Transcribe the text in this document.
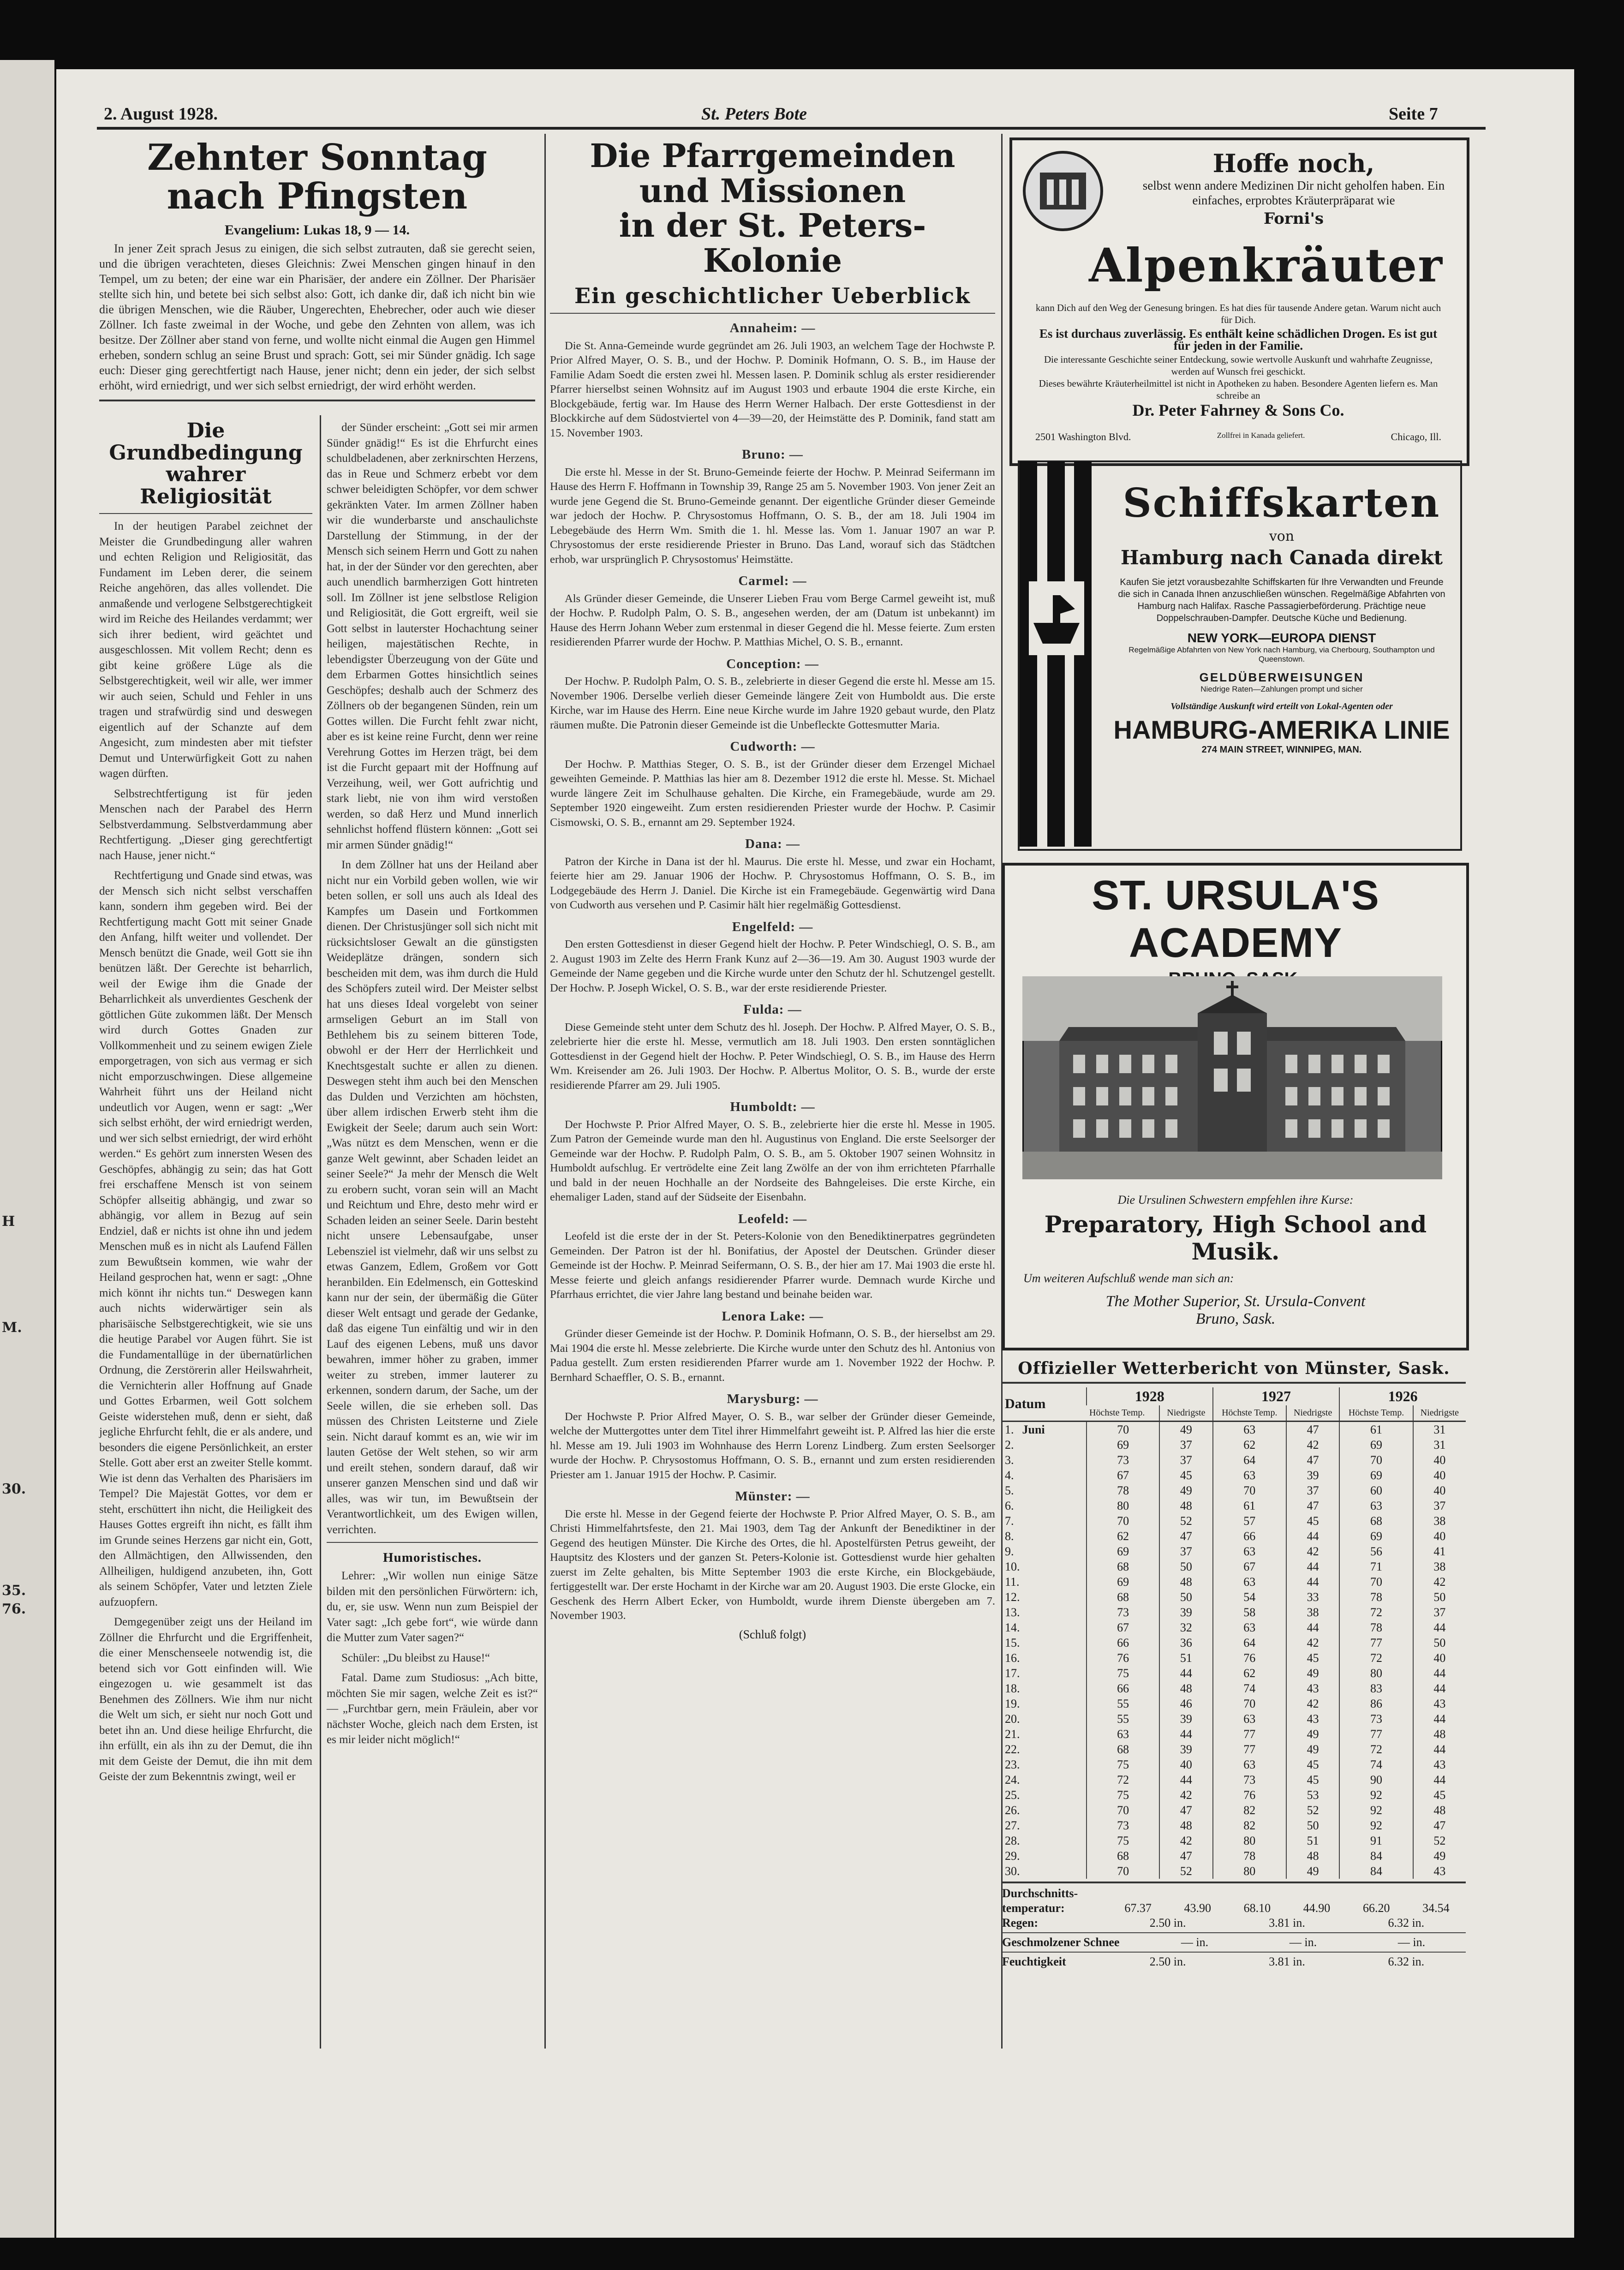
H
M.
30.
35.
76.
2. August 1928.	St. Peters Bote	Seite 7
Zehnter Sonntag nach Pfingsten
Evangelium: Lukas 18, 9 — 14.

In jener Zeit sprach Jesus zu einigen, die sich selbst zutrauten, daß sie gerecht seien, und die übrigen verachteten, dieses Gleichnis: Zwei Menschen gingen hinauf in den Tempel, um zu beten; der eine war ein Pharisäer, der andere ein Zöllner. Der Pharisäer stellte sich hin, und betete bei sich selbst also: Gott, ich danke dir, daß ich nicht bin wie die übrigen Menschen, wie die Räuber, Ungerechten, Ehebrecher, oder auch wie dieser Zöllner. Ich faste zweimal in der Woche, und gebe den Zehnten von allem, was ich besitze. Der Zöllner aber stand von ferne, und wollte nicht einmal die Augen gen Himmel erheben, sondern schlug an seine Brust und sprach: Gott, sei mir Sünder gnädig. Ich sage euch: Dieser ging gerechtfertigt nach Hause, jener nicht; denn ein jeder, der sich selbst erhöht, wird erniedrigt, und wer sich selbst erniedrigt, der wird erhöht werden.

Die Grundbedingung
wahrer Religiosität

In der heutigen Parabel zeichnet der Meister die Grundbedingung aller wahren und echten Religion und Religiosität, das Fundament im Leben derer, die seinem Reiche angehören, das alles vollendet. Die anmaßende und verlogene Selbstgerechtigkeit wird im Reiche des Heilandes verdammt; wer sich ihrer bedient, wird geächtet und ausgeschlossen. Mit vollem Recht; denn es gibt keine größere Lüge als die Selbstgerechtigkeit, weil wir alle, wer immer wir auch seien, Schuld und Fehler in uns tragen und strafwürdig sind und deswegen eigentlich auf der Schanzte auf dem Angesicht, zum mindesten aber mit tiefster Demut und Unterwürfigkeit Gott zu nahen wagen dürften.

Selbstrechtfertigung ist für jeden Menschen nach der Parabel des Herrn Selbstverdammung. Selbstverdammung aber Rechtfertigung. „Dieser ging gerechtfertigt nach Hause, jener nicht.“

Rechtfertigung und Gnade sind etwas, was der Mensch sich nicht selbst verschaffen kann, sondern ihm gegeben wird. Bei der Rechtfertigung macht Gott mit seiner Gnade den Anfang, hilft weiter und vollendet. Der Mensch benützt die Gnade, weil Gott sie ihn benützen läßt. Der Gerechte ist beharrlich, weil der Ewige ihm die Gnade der Beharrlichkeit als unverdientes Geschenk der göttlichen Güte zukommen läßt. Der Mensch wird durch Gottes Gnaden zur Vollkommenheit und zu seinem ewigen Ziele emporgetragen, von sich aus vermag er sich nicht emporzuschwingen. Diese allgemeine Wahrheit führt uns der Heiland nicht undeutlich vor Augen, wenn er sagt: „Wer sich selbst erhöht, der wird erniedrigt werden, und wer sich selbst erniedrigt, der wird erhöht werden.“ Es gehört zum innersten Wesen des Geschöpfes, abhängig zu sein; das hat Gott frei erschaffene Mensch ist von seinem Schöpfer allseitig abhängig, und zwar so abhängig, vor allem in Bezug auf sein Endziel, daß er nichts ist ohne ihn und jedem Menschen muß es in nicht als Laufend Fällen zum Bewußtsein kommen, wie wahr der Heiland gesprochen hat, wenn er sagt: „Ohne mich könnt ihr nichts tun.“ Deswegen kann auch nichts widerwärtiger sein als pharisäische Selbstgerechtigkeit, wie sie uns die heutige Parabel vor Augen führt. Sie ist die Fundamentallüge in der übernatürlichen Ordnung, die Zerstörerin aller Heilswahrheit, die Vernichterin aller Hoffnung auf Gnade und Gottes Erbarmen, weil Gott solchem Geiste widerstehen muß, denn er sieht, daß jegliche Ehrfurcht fehlt, die er als andere, und besonders die eigene Persönlichkeit, an erster Stelle. Gott aber erst an zweiter Stelle kommt. Wie ist denn das Verhalten des Pharisäers im Tempel? Die Majestät Gottes, vor dem er steht, erschüttert ihn nicht, die Heiligkeit des Hauses Gottes ergreift ihn nicht, es fällt ihm im Grunde seines Herzens gar nicht ein, Gott, den Allmächtigen, den Allwissenden, den Allheiligen, huldigend anzubeten, ihn, Gott als seinem Schöpfer, Vater und letzten Ziele aufzuopfern.

Demgegenüber zeigt uns der Heiland im Zöllner die Ehrfurcht und die Ergriffenheit, die einer Menschenseele notwendig ist, die betend sich vor Gott einfinden will. Wie eingezogen u. wie gesammelt ist das Benehmen des Zöllners. Wie ihm nur nicht die Welt um sich, er sieht nur noch Gott und betet ihn an. Und diese heilige Ehrfurcht, die ihn erfüllt, ein als ihn zu der Demut, die ihn mit dem Geiste der Demut, die ihn mit dem Geiste der zum Bekenntnis zwingt, weil er

der Sünder erscheint: „Gott sei mir armen Sünder gnädig!“ Es ist die Ehrfurcht eines schuldbeladenen, aber zerknirschten Herzens, das in Reue und Schmerz erbebt vor dem schwer beleidigten Schöpfer, vor dem schwer gekränkten Vater. Im armen Zöllner haben wir die wunderbarste und anschaulichste Darstellung der Stimmung, in der der Mensch sich seinem Herrn und Gott zu nahen hat, in der der Sünder vor den gerechten, aber auch unendlich barmherzigen Gott hintreten soll. Im Zöllner ist jene selbstlose Religion und Religiosität, die Gott ergreift, weil sie Gott selbst in lauterster Hochachtung seiner heiligen, majestätischen Rechte, in lebendigster Überzeugung von der Güte und dem Erbarmen Gottes hinsichtlich seines Geschöpfes; deshalb auch der Schmerz des Zöllners ob der begangenen Sünden, rein um Gottes willen. Die Furcht fehlt zwar nicht, aber es ist keine reine Furcht, denn wer reine Verehrung Gottes im Herzen trägt, bei dem ist die Furcht gepaart mit der Hoffnung auf Verzeihung, weil, wer Gott aufrichtig und stark liebt, nie von ihm wird verstoßen werden, so daß Herz und Mund innerlich sehnlichst hoffend flüstern können: „Gott sei mir armen Sünder gnädig!“

In dem Zöllner hat uns der Heiland aber nicht nur ein Vorbild geben wollen, wie wir beten sollen, er soll uns auch als Ideal des Kampfes um Dasein und Fortkommen dienen. Der Christusjünger soll sich nicht mit rücksichtsloser Gewalt an die günstigsten Weideplätze drängen, sondern sich bescheiden mit dem, was ihm durch die Huld des Schöpfers zuteil wird. Der Meister selbst hat uns dieses Ideal vorgelebt von seiner armseligen Geburt an im Stall von Bethlehem bis zu seinem bitteren Tode, obwohl er der Herr der Herrlichkeit und Knechtsgestalt suchte er allen zu dienen. Deswegen steht ihm auch bei den Menschen das Dulden und Verzichten am höchsten, über allem irdischen Erwerb steht ihm die Ewigkeit der Seele; darum auch sein Wort: „Was nützt es dem Menschen, wenn er die ganze Welt gewinnt, aber Schaden leidet an seiner Seele?“ Ja mehr der Mensch die Welt zu erobern sucht, voran sein will an Macht und Reichtum und Ehre, desto mehr wird er Schaden leiden an seiner Seele. Darin besteht nicht unsere Lebensaufgabe, unser Lebensziel ist vielmehr, daß wir uns selbst zu etwas Ganzem, Edlem, Großem vor Gott heranbilden. Ein Edelmensch, ein Gotteskind kann nur der sein, der übermäßig die Güter dieser Welt entsagt und gerade der Gedanke, daß das eigene Tun einfältig und wir in den Lauf des eigenen Lebens, muß uns davor bewahren, immer höher zu graben, immer weiter zu streben, immer lauterer zu erkennen, sondern darum, der Sache, um der Seele willen, die sie erheben soll. Das müssen des Christen Leitsterne und Ziele sein. Nicht darauf kommt es an, wie wir im lauten Getöse der Welt stehen, so wir arm und ereilt stehen, sondern darauf, daß wir unserer ganzen Menschen sind und daß wir alles, was wir tun, im Bewußtsein der Verantwortlichkeit, um des Ewigen willen, verrichten.

Humoristisches.

Lehrer: „Wir wollen nun einige Sätze bilden mit den persönlichen Fürwörtern: ich, du, er, sie usw. Wenn nun zum Beispiel der Vater sagt: „Ich gebe fort“, wie würde dann die Mutter zum Vater sagen?“

Schüler: „Du bleibst zu Hause!“

Fatal. Dame zum Studiosus: „Ach bitte, möchten Sie mir sagen, welche Zeit es ist?“ — „Furchtbar gern, mein Fräulein, aber vor nächster Woche, gleich nach dem Ersten, ist es mir leider nicht möglich!“

Die Pfarrgemeinden und Missionen
in der St. Peters-Kolonie
Ein geschichtlicher Ueberblick
Annaheim: —

Die St. Anna-Gemeinde wurde gegründet am 26. Juli 1903, an welchem Tage der Hochwste P. Prior Alfred Mayer, O. S. B., und der Hochw. P. Dominik Hofmann, O. S. B., im Hause der Familie Adam Soedt die ersten zwei hl. Messen lasen. P. Dominik schlug als erster residierender Pfarrer hierselbst seinen Wohnsitz auf im August 1903 und erbaute 1904 die erste Kirche, ein Blockgebäude, fertig war. Im Hause des Herrn Werner Halbach. Der erste Gottesdienst in der Blockkirche auf dem Südostviertel von 4—39—20, der Heimstätte des P. Dominik, fand statt am 15. November 1903.

Bruno: —

Die erste hl. Messe in der St. Bruno-Gemeinde feierte der Hochw. P. Meinrad Seifermann im Hause des Herrn F. Hoffmann in Township 39, Range 25 am 5. November 1903. Von jener Zeit an wurde jene Gegend die St. Bruno-Gemeinde genannt. Der eigentliche Gründer dieser Gemeinde war jedoch der Hochw. P. Chrysostomus Hoffmann, O. S. B., der am 18. Juli 1904 im Lebegebäude des Herrn Wm. Smith die 1. hl. Messe las. Vom 1. Januar 1907 an war P. Chrysostomus der erste residierende Priester in Bruno. Das Land, worauf sich das Städtchen erhob, war ursprünglich P. Chrysostomus' Heimstätte.

Carmel: —

Als Gründer dieser Gemeinde, die Unserer Lieben Frau vom Berge Carmel geweiht ist, muß der Hochw. P. Rudolph Palm, O. S. B., angesehen werden, der am (Datum ist unbekannt) im Hause des Herrn Johann Weber zum erstenmal in dieser Gegend die hl. Messe feierte. Zum ersten residierenden Pfarrer wurde der Hochw. P. Matthias Michel, O. S. B., ernannt.

Conception: —

Der Hochw. P. Rudolph Palm, O. S. B., zelebrierte in dieser Gegend die erste hl. Messe am 15. November 1906. Derselbe verlieh dieser Gemeinde längere Zeit von Humboldt aus. Die erste Kirche, war im Hause des Herrn. Eine neue Kirche wurde im Jahre 1920 gebaut wurde, den Platz räumen mußte. Die Patronin dieser Gemeinde ist die Unbefleckte Gottesmutter Maria.

Cudworth: —

Der Hochw. P. Matthias Steger, O. S. B., ist der Gründer dieser dem Erzengel Michael geweihten Gemeinde. P. Matthias las hier am 8. Dezember 1912 die erste hl. Messe. St. Michael wurde längere Zeit im Schulhause gehalten. Die Kirche, ein Framegebäude, wurde am 29. September 1920 eingeweiht. Zum ersten residierenden Priester wurde der Hochw. P. Casimir Cismowski, O. S. B., ernannt am 29. September 1924.

Dana: —

Patron der Kirche in Dana ist der hl. Maurus. Die erste hl. Messe, und zwar ein Hochamt, feierte hier am 29. Januar 1906 der Hochw. P. Chrysostomus Hoffmann, O. S. B., im Lodgegebäude des Herrn J. Daniel. Die Kirche ist ein Framegebäude. Gegenwärtig wird Dana von Cudworth aus versehen und P. Casimir hält hier regelmäßig Gottesdienst.

Engelfeld: —

Den ersten Gottesdienst in dieser Gegend hielt der Hochw. P. Peter Windschiegl, O. S. B., am 2. August 1903 im Zelte des Herrn Frank Kunz auf 2—36—19. Am 30. August 1903 wurde der Gemeinde der Name gegeben und die Kirche wurde unter den Schutz der hl. Schutzengel gestellt. Der Hochw. P. Joseph Wickel, O. S. B., war der erste residierende Priester.

Fulda: —

Diese Gemeinde steht unter dem Schutz des hl. Joseph. Der Hochw. P. Alfred Mayer, O. S. B., zelebrierte hier die erste hl. Messe, vermutlich am 18. Juli 1903. Den ersten sonntäglichen Gottesdienst in der Gegend hielt der Hochw. P. Peter Windschiegl, O. S. B., im Hause des Herrn Wm. Kreisender am 26. Juli 1903. Der Hochw. P. Albertus Molitor, O. S. B., wurde der erste residierende Pfarrer am 29. Juli 1905.

Humboldt: —

Der Hochwste P. Prior Alfred Mayer, O. S. B., zelebrierte hier die erste hl. Messe in 1905. Zum Patron der Gemeinde wurde man den hl. Augustinus von England. Die erste Seelsorger der Gemeinde war der Hochw. P. Rudolph Palm, O. S. B., am 5. Oktober 1907 seinen Wohnsitz in Humboldt aufschlug. Er vertrödelte eine Zeit lang Zwölfe an der von ihm errichteten Pfarrhalle und bald in der neuen Hochhalle an der Nordseite des Bahngeleises. Die erste Kirche, ein ehemaliger Laden, stand auf der Südseite der Eisenbahn.

Leofeld: —

Leofeld ist die erste der in der St. Peters-Kolonie von den Benediktinerpatres gegründeten Gemeinden. Der Patron ist der hl. Bonifatius, der Apostel der Deutschen. Gründer dieser Gemeinde ist der Hochw. P. Meinrad Seifermann, O. S. B., der hier am 17. Mai 1903 die erste hl. Messe feierte und gleich anfangs residierender Pfarrer wurde. Demnach wurde Kirche und Pfarrhaus errichtet, die vier Jahre lang bestand und beinahe beiden war.

Lenora Lake: —

Gründer dieser Gemeinde ist der Hochw. P. Dominik Hofmann, O. S. B., der hierselbst am 29. Mai 1904 die erste hl. Messe zelebrierte. Die Kirche wurde unter den Schutz des hl. Antonius von Padua gestellt. Zum ersten residierenden Pfarrer wurde am 1. November 1922 der Hochw. P. Bernhard Schaeffler, O. S. B., ernannt.

Marysburg: —

Der Hochwste P. Prior Alfred Mayer, O. S. B., war selber der Gründer dieser Gemeinde, welche der Muttergottes unter dem Titel ihrer Himmelfahrt geweiht ist. P. Alfred las hier die erste hl. Messe am 19. Juli 1903 im Wohnhause des Herrn Lorenz Lindberg. Zum ersten Seelsorger wurde der Hochw. P. Chrysostomus Hoffmann, O. S. B., ernannt und zum ersten residierenden Priester am 1. Januar 1915 der Hochw. P. Casimir.

Münster: —

Die erste hl. Messe in der Gegend feierte der Hochwste P. Prior Alfred Mayer, O. S. B., am Christi Himmelfahrtsfeste, den 21. Mai 1903, dem Tag der Ankunft der Benediktiner in der Gegend des heutigen Münster. Die Kirche des Ortes, die hl. Apostelfürsten Petrus geweiht, der Hauptsitz des Klosters und der ganzen St. Peters-Kolonie ist. Gottesdienst wurde hier gehalten zuerst im Zelte gehalten, bis Mitte September 1903 die erste Kirche, ein Blockgebäude, fertiggestellt war. Der erste Hochamt in der Kirche war am 20. August 1903. Die erste Glocke, ein Geschenk des Herrn Albert Ecker, von Humboldt, wurde ihrem Dienste übergeben am 7. November 1903.

(Schluß folgt)
Hoffe noch,
selbst wenn andere Medizinen Dir nicht geholfen haben. Ein einfaches, erprobtes Kräuterpräparat wie
Forni's
Alpenkräuter
kann Dich auf den Weg der Genesung bringen. Es hat dies für tausende Andere getan. Warum nicht auch für Dich.
Es ist durchaus zuverlässig. Es enthält keine schädlichen Drogen. Es ist gut für jeden in der Familie.
Die interessante Geschichte seiner Entdeckung, sowie wertvolle Auskunft und wahrhafte Zeugnisse, werden auf Wunsch frei geschickt.
Dieses bewährte Kräuterheilmittel ist nicht in Apotheken zu haben. Besondere Agenten liefern es. Man schreibe an
Dr. Peter Fahrney & Sons Co.
2501 Washington Blvd.	Zollfrei in Kanada geliefert.	Chicago, Ill.
Schiffskarten
von
Hamburg nach Canada direkt
Kaufen Sie jetzt vorausbezahlte Schiffskarten für Ihre Verwandten und Freunde die sich in Canada Ihnen anzuschließen wünschen. Regelmäßige Abfahrten von Hamburg nach Halifax. Rasche Passagierbeförderung. Prächtige neue Doppelschrauben-Dampfer. Deutsche Küche und Bedienung.
NEW YORK—EUROPA DIENST
Regelmäßige Abfahrten von New York nach Hamburg, via Cherbourg, Southampton und Queenstown.
GELDÜBERWEISUNGEN
Niedrige Raten—Zahlungen prompt und sicher
Vollständige Auskunft wird erteilt von Lokal-Agenten oder
HAMBURG-AMERIKA LINIE
274 MAIN STREET, WINNIPEG, MAN.
ST. URSULA'S ACADEMY
Die Ursulinen Schwestern empfehlen ihre Kurse:
Preparatory, High School and Musik.
Um weiteren Aufschluß wende man sich an:
The Mother Superior, St. Ursula-Convent
Bruno, Sask.
Offizieller Wetterbericht von Münster, Sask.
Datum	1928		1927		1926	
	Höchste Temp.	Niedrigste	Höchste Temp.	Niedrigste	Höchste Temp.	Niedrigste
1. Juni	70	49	63	47	61	31
2.	69	37	62	42	69	31
3.	73	37	64	47	70	40
4.	67	45	63	39	69	40
5.	78	49	70	37	60	40
6.	80	48	61	47	63	37
7.	70	52	57	45	68	38
8.	62	47	66	44	69	40
9.	69	37	63	42	56	41
10.	68	50	67	44	71	38
11.	69	48	63	44	70	42
12.	68	50	54	33	78	50
13.	73	39	58	38	72	37
14.	67	32	63	44	78	44
15.	66	36	64	42	77	50
16.	76	51	76	45	72	40
17.	75	44	62	49	80	44
18.	66	48	74	43	83	44
19.	55	46	70	42	86	43
20.	55	39	63	43	73	44
21.	63	44	77	49	77	48
22.	68	39	77	49	72	44
23.	75	40	63	45	74	43
24.	72	44	73	45	90	44
25.	75	42	76	53	92	45
26.	70	47	82	52	92	48
27.	73	48	82	50	92	47
28.	75	42	80	51	91	52
29.	68	47	78	48	84	49
30.	70	52	80	49	84	43
Durchschnitts-
temperatur:	67.37	43.90	68.10	44.90	66.20	34.54
Regen:	2.50 in.	3.81 in.	6.32 in.
Geschmolzener Schnee	— in.	— in.	— in.
Feuchtigkeit	2.50 in.	3.81 in.	6.32 in.
